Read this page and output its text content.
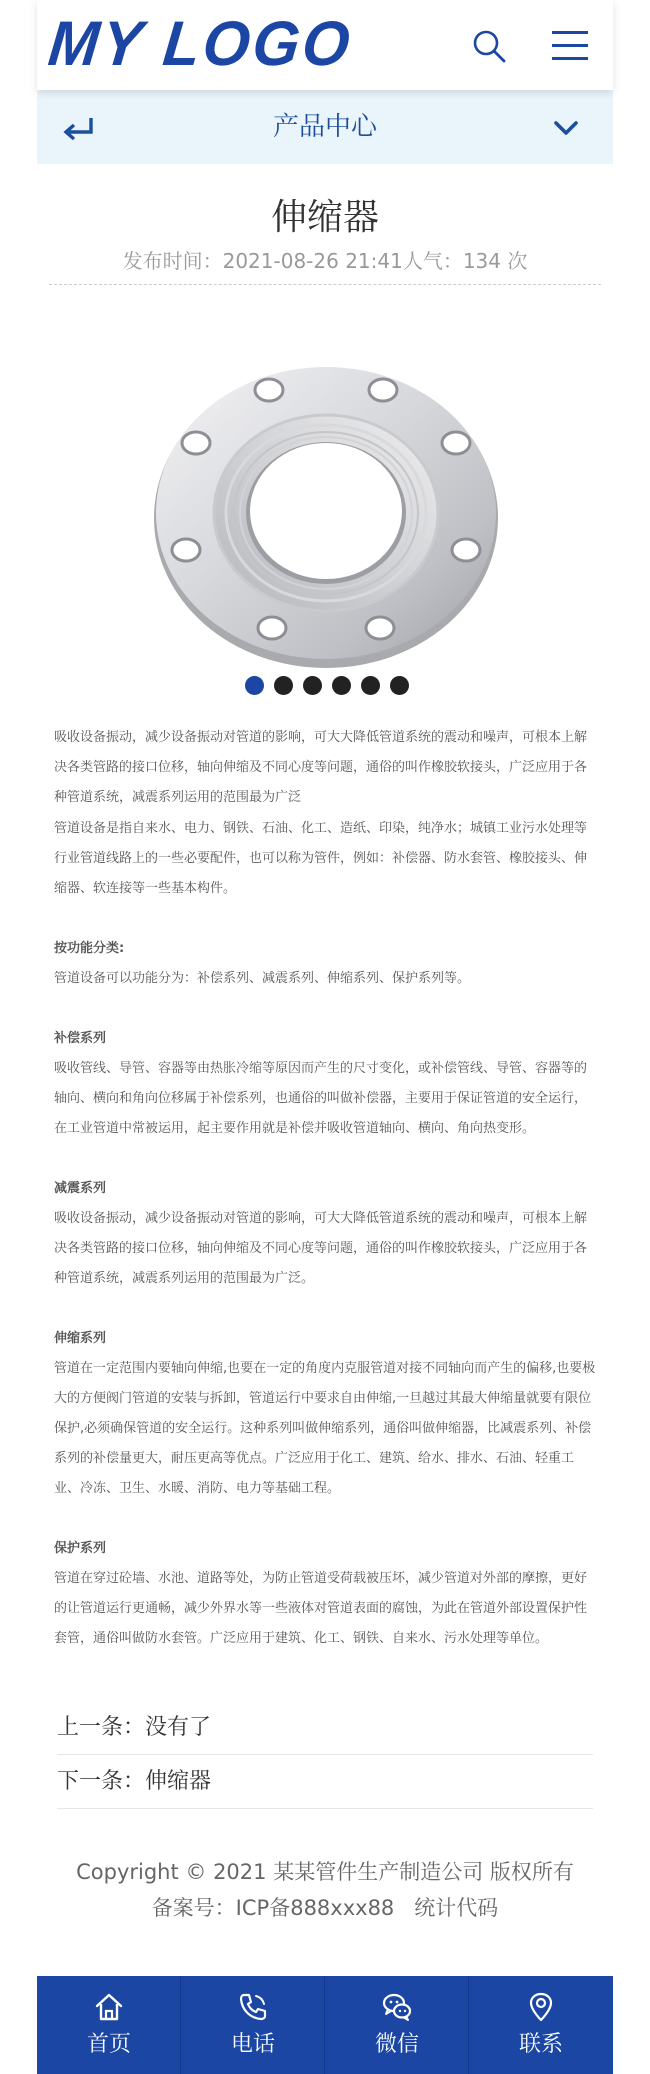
MY LOGO
产品中心
伸缩器
发布时间：2021-08-26 21:41人气：134 次
吸收设备振动，减少设备振动对管道的影响，可大大降低管道系统的震动和噪声，可根本上解决各类管路的接口位移，轴向伸缩及不同心度等问题，通俗的叫作橡胶软接头，广泛应用于各种管道系统，减震系列运用的范围最为广泛
管道设备是指自来水、电力、钢铁、石油、化工、造纸、印染，纯净水；城镇工业污水处理等行业管道线路上的一些必要配件，也可以称为管件，例如：补偿器、防水套管、橡胶接头、伸缩器、软连接等一些基本构件。
按功能分类:
管道设备可以功能分为：补偿系列、减震系列、伸缩系列、保护系列等。
补偿系列
吸收管线、导管、容器等由热胀冷缩等原因而产生的尺寸变化，或补偿管线、导管、容器等的轴向、横向和角向位移属于补偿系列，也通俗的叫做补偿器，主要用于保证管道的安全运行，在工业管道中常被运用，起主要作用就是补偿并吸收管道轴向、横向、角向热变形。
减震系列
吸收设备振动，减少设备振动对管道的影响，可大大降低管道系统的震动和噪声，可根本上解决各类管路的接口位移，轴向伸缩及不同心度等问题，通俗的叫作橡胶软接头，广泛应用于各种管道系统，减震系列运用的范围最为广泛。
伸缩系列
管道在一定范围内要轴向伸缩,也要在一定的角度内克服管道对接不同轴向而产生的偏移,也要极大的方便阀门管道的安装与拆卸，管道运行中要求自由伸缩,一旦越过其最大伸缩量就要有限位保护,必须确保管道的安全运行。这种系列叫做伸缩系列，通俗叫做伸缩器，比减震系列、补偿系列的补偿量更大，耐压更高等优点。广泛应用于化工、建筑、给水、排水、石油、轻重工业、冷冻、卫生、水暖、消防、电力等基础工程。
保护系列
管道在穿过砼墙、水池、道路等处，为防止管道受荷载被压坏，减少管道对外部的摩擦，更好的让管道运行更通畅，减少外界水等一些液体对管道表面的腐蚀，为此在管道外部设置保护性套管，通俗叫做防水套管。广泛应用于建筑、化工、钢铁、自来水、污水处理等单位。
上一条：没有了
下一条：伸缩器
Copyright © 2021 某某管件生产制造公司 版权所有
备案号：ICP备888xxx88 统计代码
首页	电话	微信	联系
